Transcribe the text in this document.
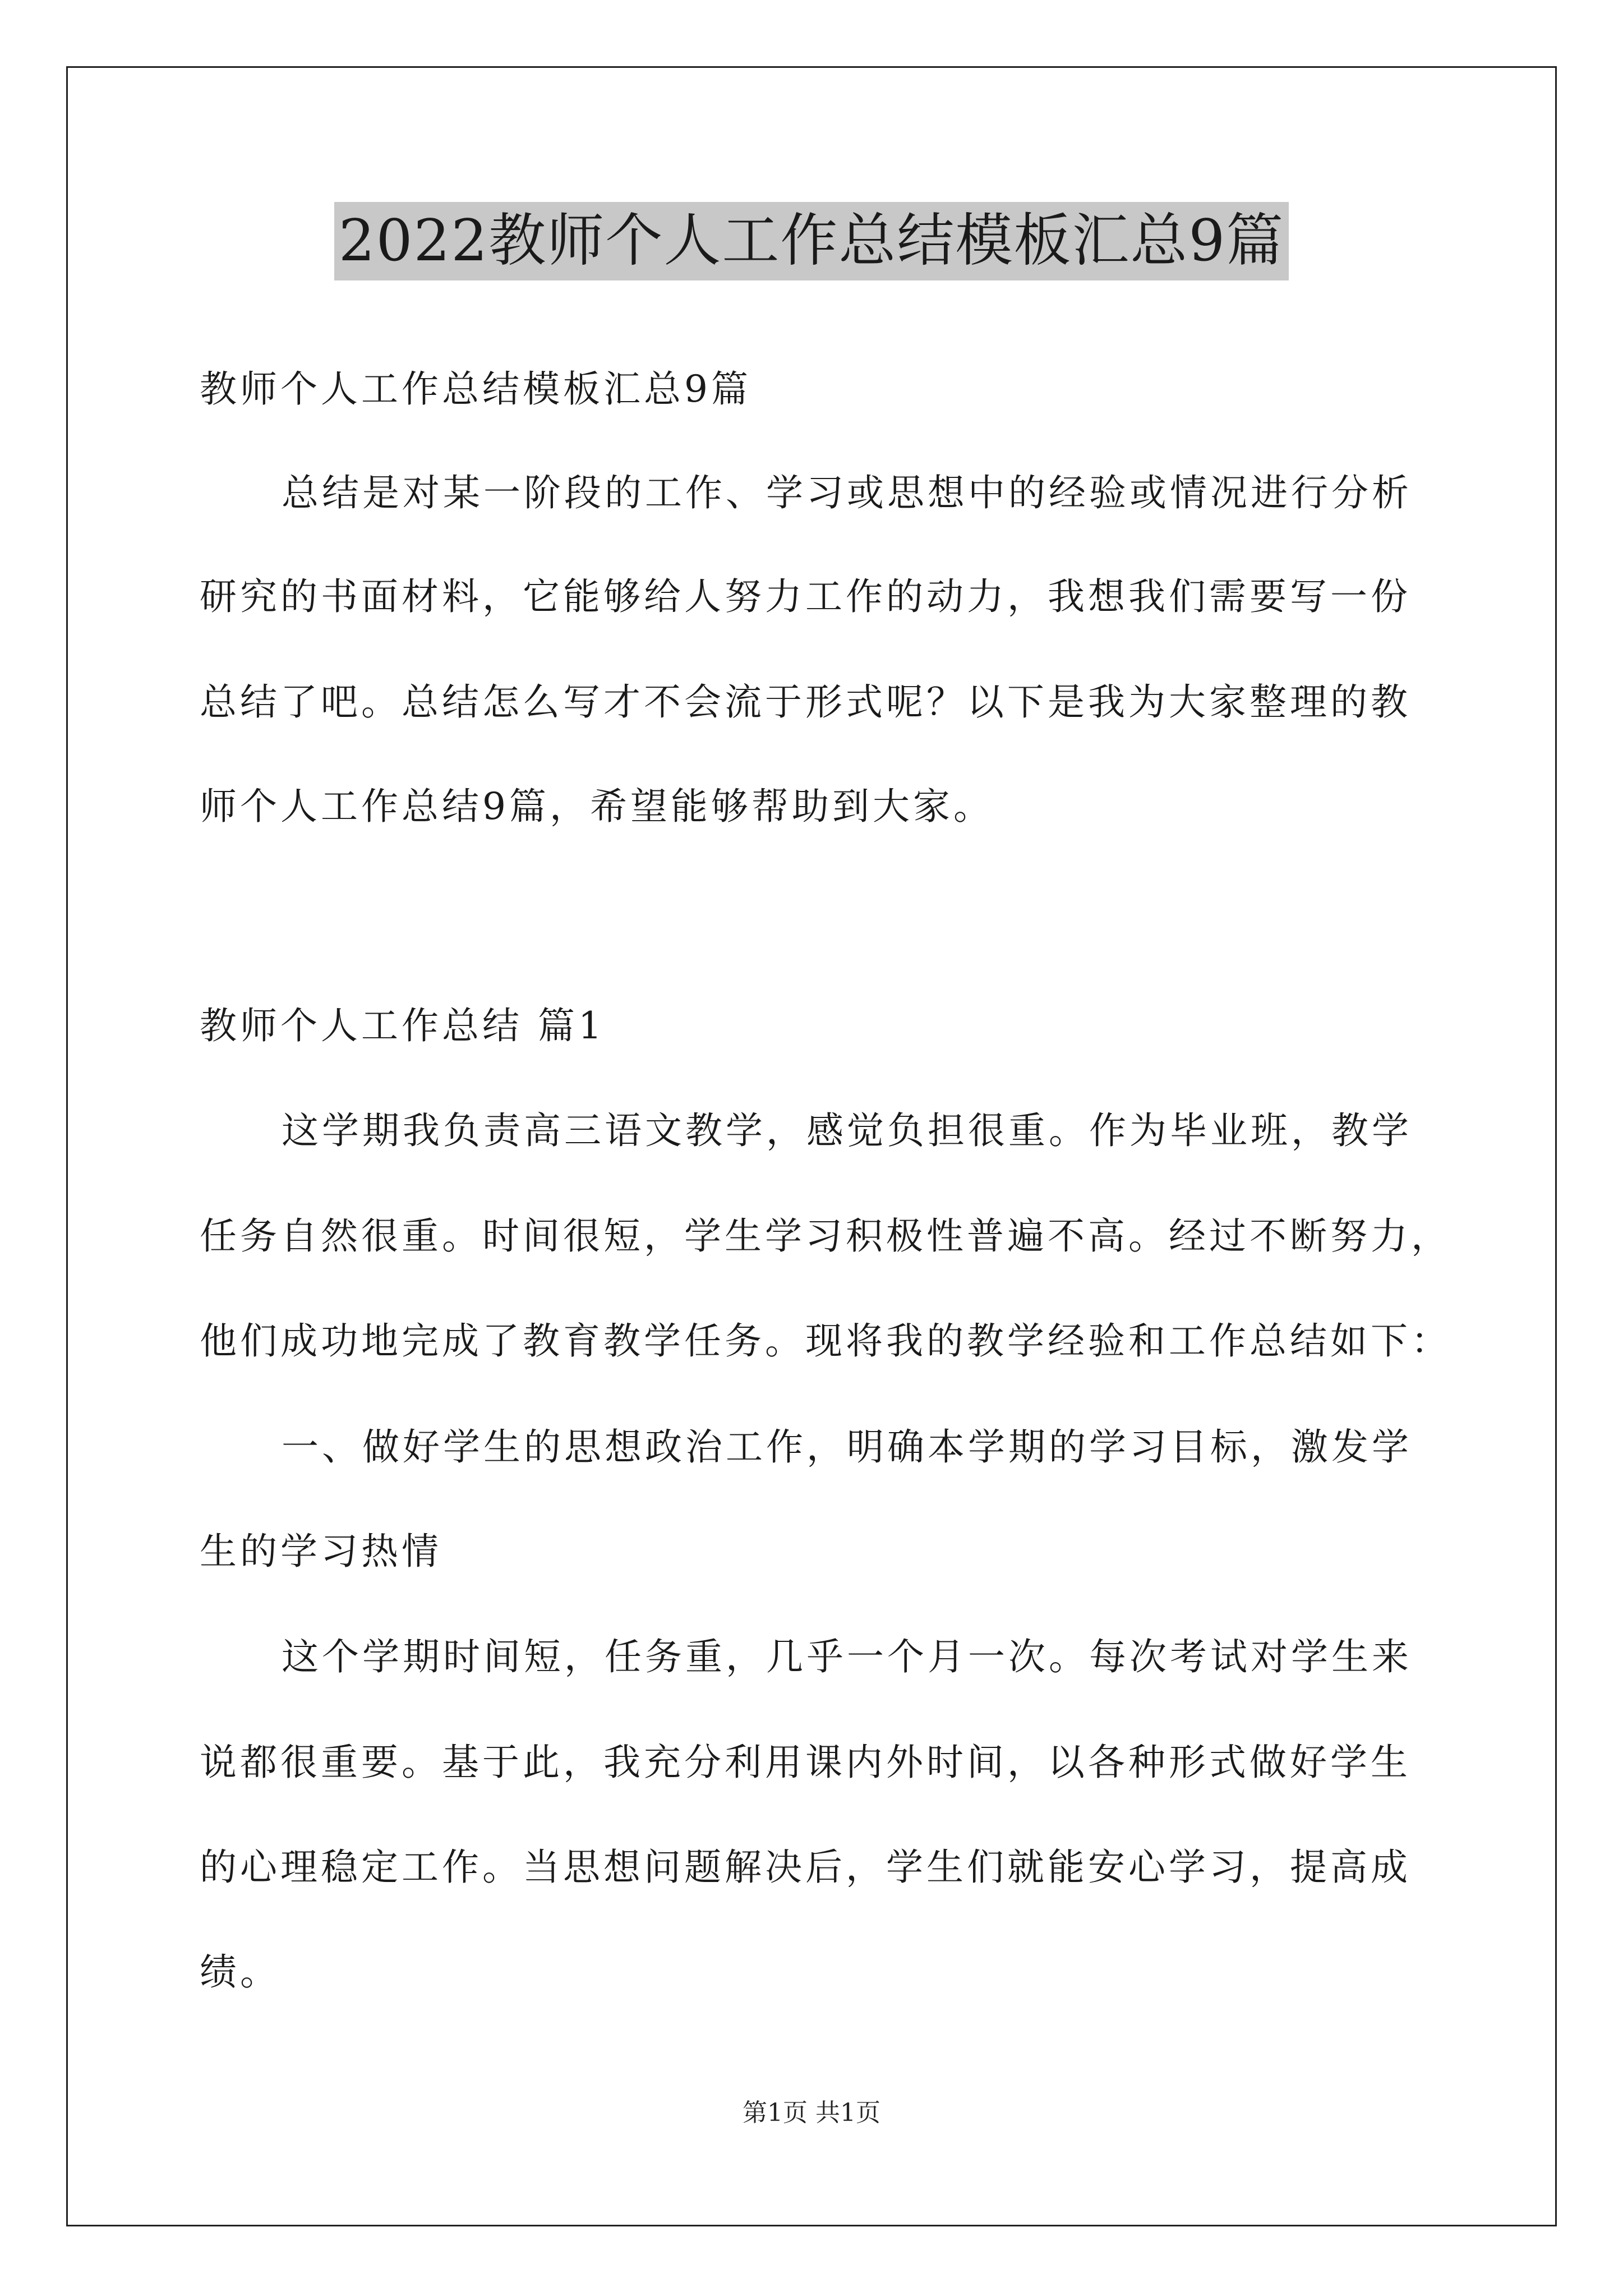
2022教师个人工作总结模板汇总9篇
教师个人工作总结模板汇总9篇
总结是对某一阶段的工作、学习或思想中的经验或情况进行分析
研究的书面材料，它能够给人努力工作的动力，我想我们需要写一份
总结了吧。总结怎么写才不会流于形式呢？以下是我为大家整理的教
师个人工作总结9篇，希望能够帮助到大家。
教师个人工作总结 篇1
这学期我负责高三语文教学，感觉负担很重。作为毕业班，教学
任务自然很重。时间很短，学生学习积极性普遍不高。经过不断努力，
他们成功地完成了教育教学任务。现将我的教学经验和工作总结如下：
一、做好学生的思想政治工作，明确本学期的学习目标，激发学
生的学习热情
这个学期时间短，任务重，几乎一个月一次。每次考试对学生来
说都很重要。基于此，我充分利用课内外时间，以各种形式做好学生
的心理稳定工作。当思想问题解决后，学生们就能安心学习，提高成
绩。
第1页 共1页
